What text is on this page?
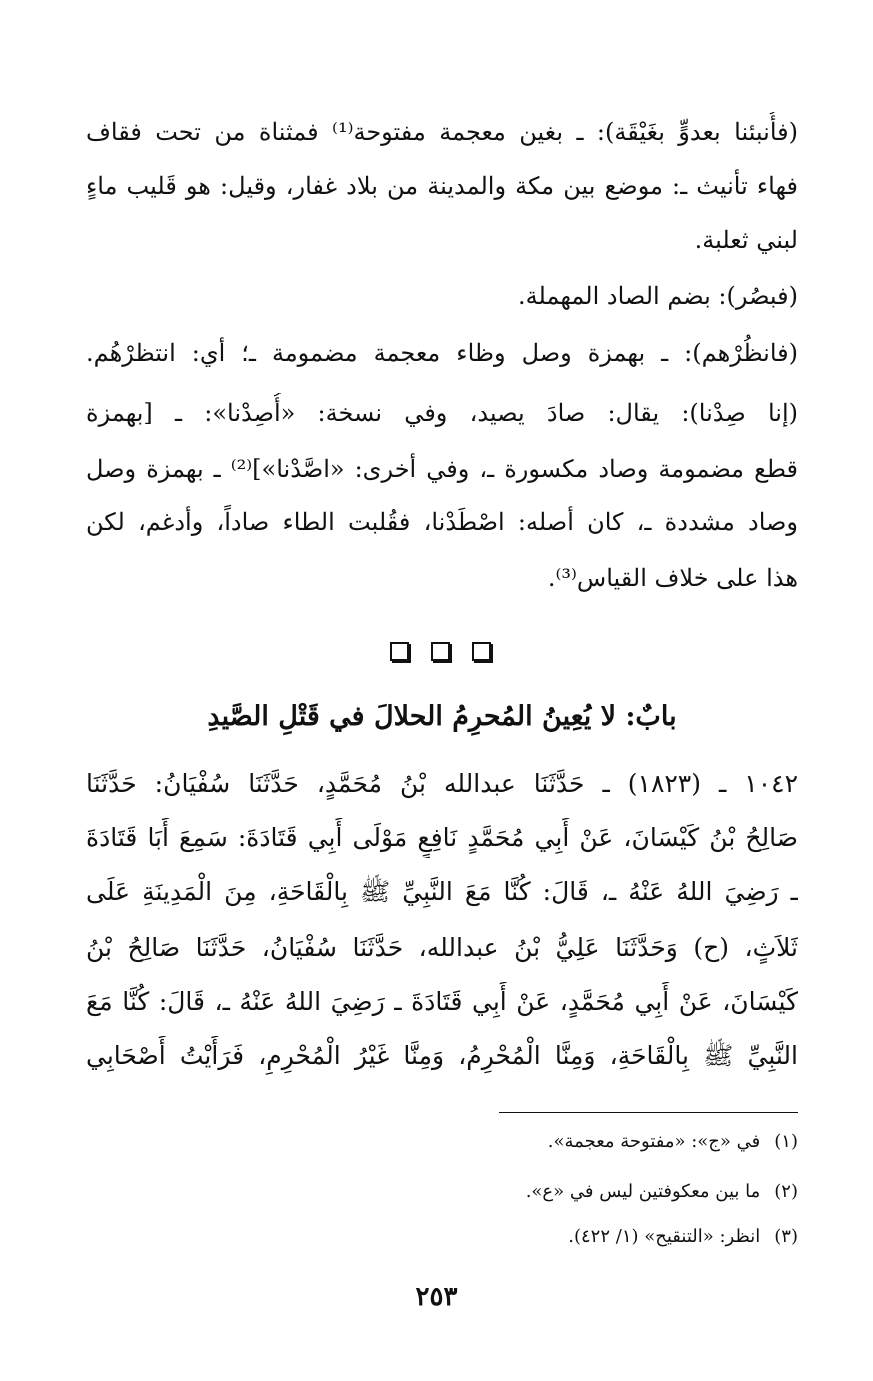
(فأُنبئنا بعدوٍّ بغَيْقَة): ـ بغين معجمة مفتوحة⁽¹⁾ فمثناة من تحت فقاف
فهاء تأنيث ـ: موضع بين مكة والمدينة من بلاد غفار، وقيل: هو قَليب ماءٍ
لبني ثعلبة.
(فبصُر): بضم الصاد المهملة.
(فانظُرْهم): ـ بهمزة وصل وظاء معجمة مضمومة ـ؛ أي: انتظرْهُم.
(إنا صِدْنا): يقال: صادَ يصيد، وفي نسخة: «أُصِدْنا»: ـ [بهمزة
قطع مضمومة وصاد مكسورة ـ، وفي أخرى: «اصَّدْنا»]⁽²⁾ ـ بهمزة وصل
وصاد مشددة ـ، كان أصله: اصْطَدْنا، فقُلبت الطاء صاداً، وأدغم، لكن
هذا على خلاف القياس⁽³⁾.
بابٌ: لا يُعِينُ المُحرِمُ الحلالَ في قَتْلِ الصَّيدِ
١٠٤٢ ـ (١٨٢٣) ـ حَدَّثَنَا عبدالله بْنُ مُحَمَّدٍ، حَدَّثَنَا سُفْيَانُ: حَدَّثَنَا
صَالِحُ بْنُ كَيْسَانَ، عَنْ أَبِي مُحَمَّدٍ نَافِعٍ مَوْلَى أَبِي قَتَادَةَ: سَمِعَ أَبَا قَتَادَةَ
ـ رَضِيَ اللهُ عَنْهُ ـ، قَالَ: كُنَّا مَعَ النَّبِيِّ ﷺ بِالْقَاحَةِ، مِنَ الْمَدِينَةِ عَلَى
ثَلاَثٍ، (ح) وَحَدَّثَنَا عَلِيُّ بْنُ عبدالله، حَدَّثَنَا سُفْيَانُ، حَدَّثَنَا صَالِحُ بْنُ
كَيْسَانَ، عَنْ أَبِي مُحَمَّدٍ، عَنْ أَبِي قَتَادَةَ ـ رَضِيَ اللهُ عَنْهُ ـ، قَالَ: كُنَّا مَعَ
النَّبِيِّ ﷺ بِالْقَاحَةِ، وَمِنَّا الْمُحْرِمُ، وَمِنَّا غَيْرُ الْمُحْرِمِ، فَرَأَيْتُ أَصْحَابِي
(١)في «ج»: «مفتوحة معجمة».
(٢)ما بين معكوفتين ليس في «ع».
(٣)انظر: «التنقيح» (١/ ٤٢٢).
٢٥٣
